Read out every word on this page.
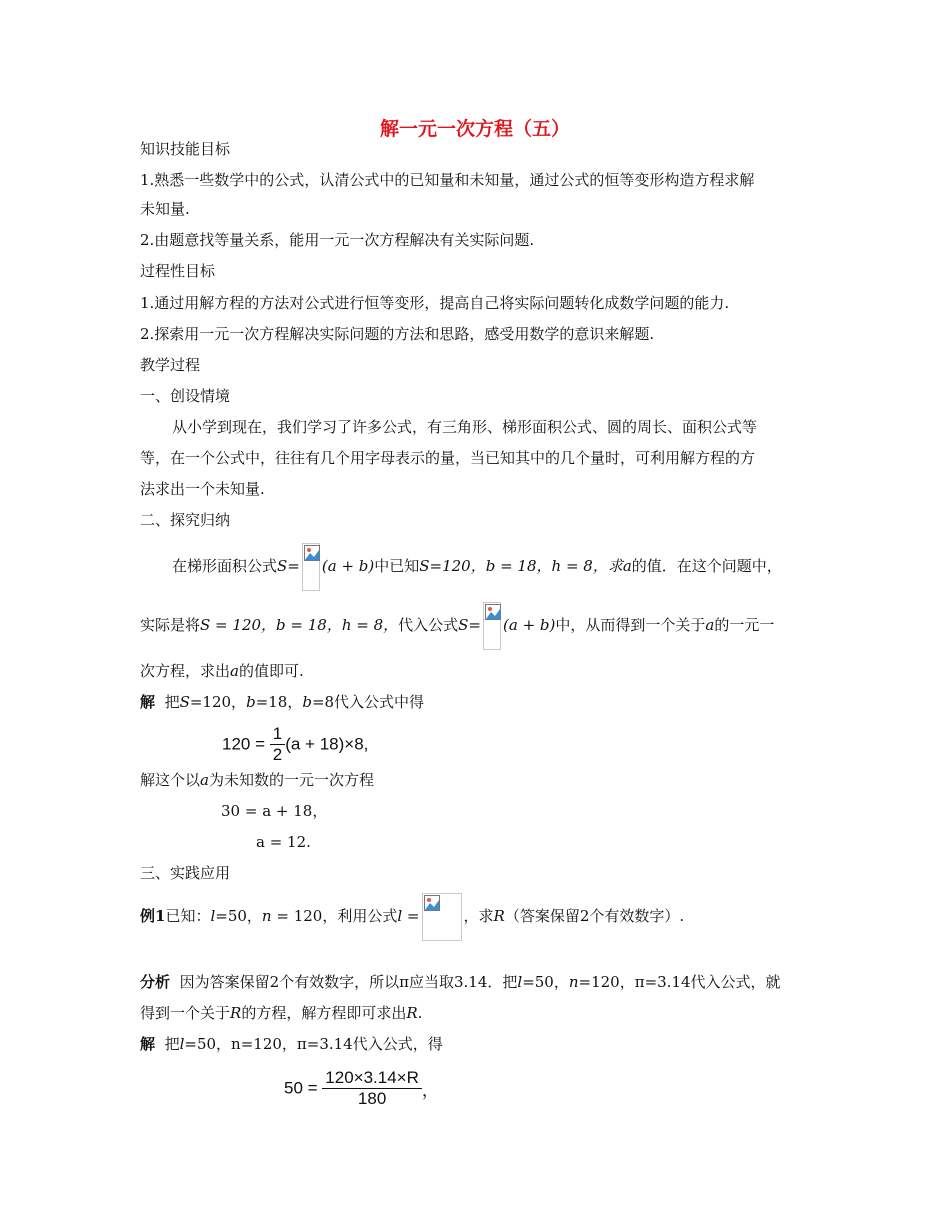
解一元一次方程（五）
知识技能目标
1.熟悉一些数学中的公式，认清公式中的已知量和未知量，通过公式的恒等变形构造方程求解
未知量.
2.由题意找等量关系，能用一元一次方程解决有关实际问题.
过程性目标
1.通过用解方程的方法对公式进行恒等变形，提高自己将实际问题转化成数学问题的能力.
2.探索用一元一次方程解决实际问题的方法和思路，感受用数学的意识来解题.
教学过程
一、创设情境
从小学到现在，我们学习了许多公式，有三角形、梯形面积公式、圆的周长、面积公式等
等，在一个公式中，往往有几个用字母表示的量，当已知其中的几个量时，可利用解方程的方
法求出一个未知量.
二、探究归纳
在梯形面积公式S= (a + b)中已知S=120，b = 18，h = 8，求a的值．在这个问题中，
实际是将S = 120，b = 18，h = 8，代入公式S= (a + b)中，从而得到一个关于a的一元一
次方程，求出a的值即可.
解 把S=120，b=18，b=8代入公式中得
$120 = \frac{1}{2} (a + 18)\times 8$,
解这个以a为未知数的一元一次方程
30 = a + 18，
a = 12.
三、实践应用
例1已知：l=50，n = 120，利用公式l =	，求R（答案保留2个有效数字）.
分析 因为答案保留2个有效数字，所以π应当取3.14．把l=50，n=120，π=3.14代入公式，就
得到一个关于R的方程，解方程即可求出R.
解 把l=50，n=120，π=3.14代入公式，得
$50 = \frac{120\times 3.14\times R}{180}$ ，
